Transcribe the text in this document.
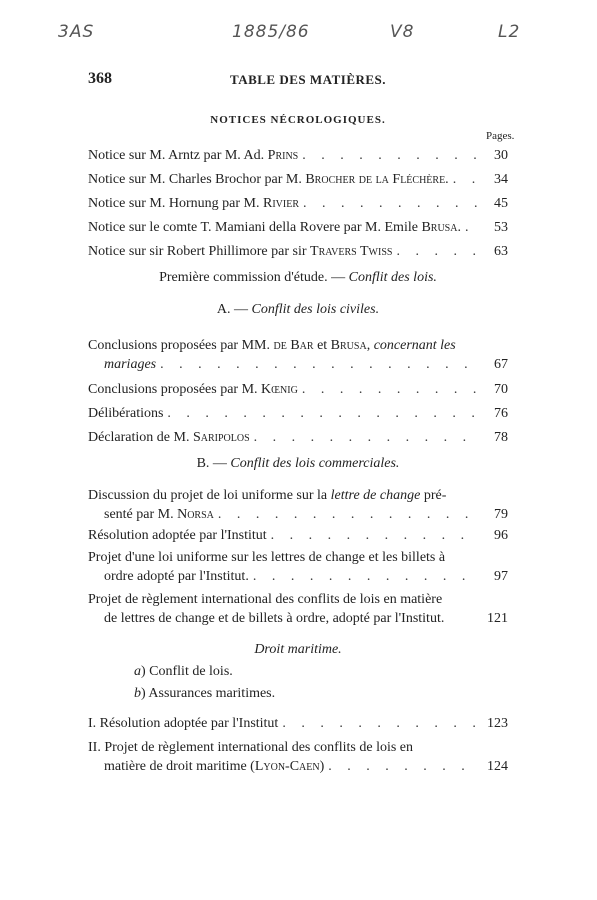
3AS	1885/86	V8	L2
368	TABLE DES MATIÈRES.
NOTICES NÉCROLOGIQUES.
Pages.
Notice sur M. Arntz par M. Ad. Prins . . .	30
Notice sur M. Charles Brochor par M. Brocher de la Fléchère. . . .	34
Notice sur M. Hornung par M. Rivier . . .	45
Notice sur le comte T. Mamiani della Rovere par M. Emile Brusa. . . .	53
Notice sur sir Robert Phillimore par sir Travers Twiss . . .	63
Première commission d'étude. — Conflit des lois.
A. — Conflit des lois civiles.
Conclusions proposées par MM. de Bar et Brusa, concernant les
mariages . . .	67
Conclusions proposées par M. Kœnig . . .	70
Délibérations . . .	76
Déclaration de M. Saripolos . . .	78
B. — Conflit des lois commerciales.
Discussion du projet de loi uniforme sur la lettre de change pré-
senté par M. Norsa . . .	79
Résolution adoptée par l'Institut . . .	96
Projet d'une loi uniforme sur les lettres de change et les billets à
ordre adopté par l'Institut. . . .	97
Projet de règlement international des conflits de lois en matière
de lettres de change et de billets à ordre, adopté par l'Institut.	121
Droit maritime.
a) Conflit de lois.
b) Assurances maritimes.
I. Résolution adoptée par l'Institut . . .	123
II. Projet de règlement international des conflits de lois en
matière de droit maritime (Lyon-Caen) . . .	124
